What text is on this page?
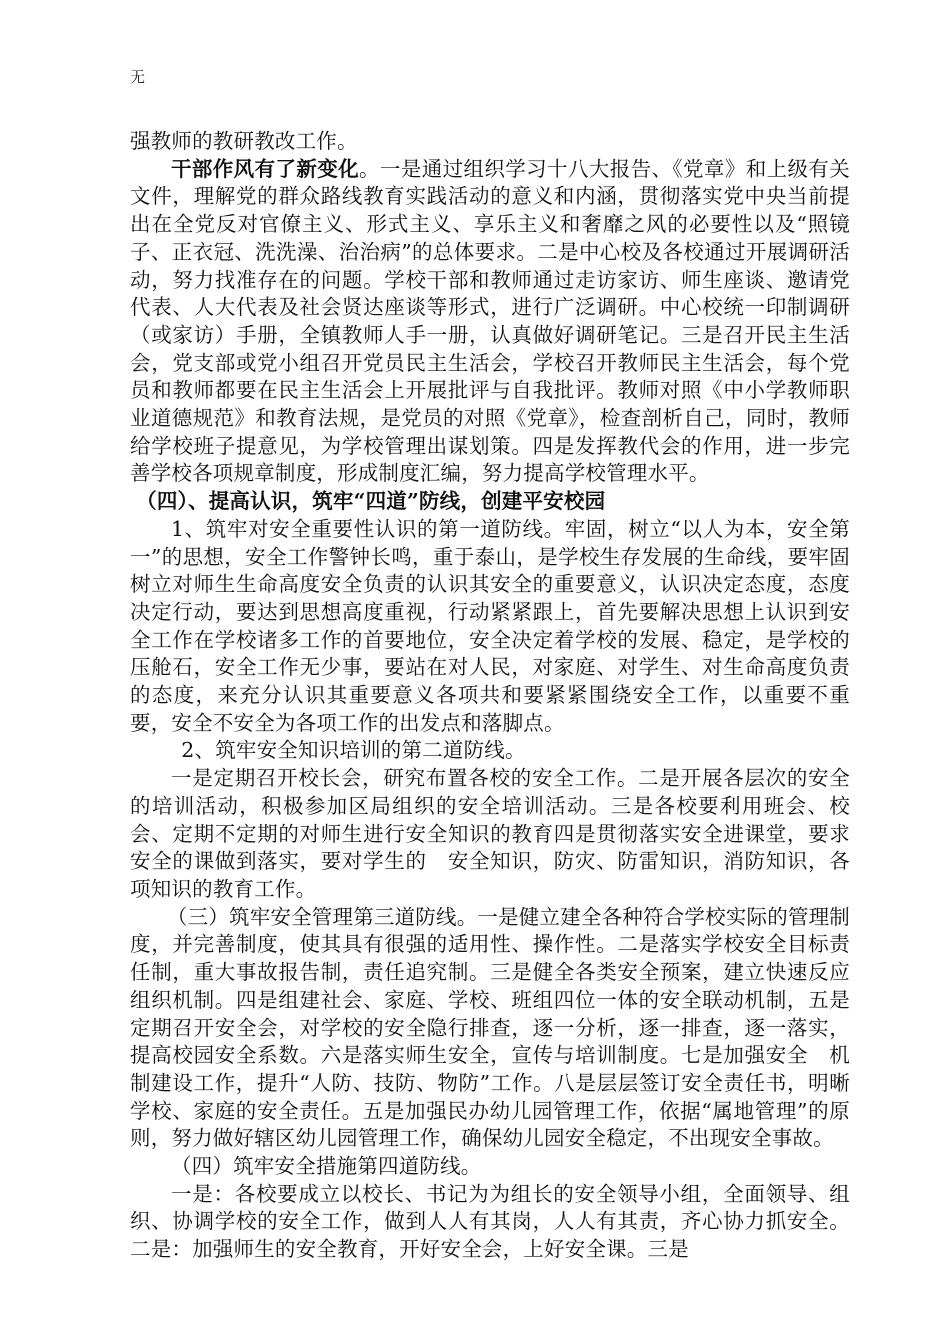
无

强教师的教研教改工作。

干部作风有了新变化。一是通过组织学习十八大报告、《党章》和上级有关文件，理解党的群众路线教育实践活动的意义和内涵，贯彻落实党中央当前提出在全党反对官僚主义、形式主义、享乐主义和奢靡之风的必要性以及“照镜子、正衣冠、洗洗澡、治治病”的总体要求。二是中心校及各校通过开展调研活动，努力找准存在的问题。学校干部和教师通过走访家访、师生座谈、邀请党代表、人大代表及社会贤达座谈等形式，进行广泛调研。中心校统一印制调研（或家访）手册，全镇教师人手一册，认真做好调研笔记。三是召开民主生活会，党支部或党小组召开党员民主生活会，学校召开教师民主生活会，每个党员和教师都要在民主生活会上开展批评与自我批评。教师对照《中小学教师职业道德规范》和教育法规，是党员的对照《党章》，检查剖析自己，同时，教师给学校班子提意见，为学校管理出谋划策。四是发挥教代会的作用，进一步完善学校各项规章制度，形成制度汇编，努力提高学校管理水平。

（四）、提高认识，筑牢“四道”防线，创建平安校园

1、筑牢对安全重要性认识的第一道防线。牢固，树立“以人为本，安全第一”的思想，安全工作警钟长鸣，重于泰山，是学校生存发展的生命线，要牢固树立对师生生命高度安全负责的认识其安全的重要意义，认识决定态度，态度决定行动，要达到思想高度重视，行动紧紧跟上，首先要解决思想上认识到安全工作在学校诸多工作的首要地位，安全决定着学校的发展、稳定，是学校的压舱石，安全工作无少事，要站在对人民，对家庭、对学生、对生命高度负责的态度，来充分认识其重要意义各项共和要紧紧围绕安全工作，以重要不重要，安全不安全为各项工作的出发点和落脚点。

2、筑牢安全知识培训的第二道防线。

一是定期召开校长会，研究布置各校的安全工作。二是开展各层次的安全的培训活动，积极参加区局组织的安全培训活动。三是各校要利用班会、校会、定期不定期的对师生进行安全知识的教育四是贯彻落实安全进课堂，要求安全的课做到落实，要对学生的　安全知识，防灾、防雷知识，消防知识，各项知识的教育工作。

（三）筑牢安全管理第三道防线。一是健立建全各种符合学校实际的管理制度，并完善制度，使其具有很强的适用性、操作性。二是落实学校安全目标责任制，重大事故报告制，责任追究制。三是健全各类安全预案，建立快速反应组织机制。四是组建社会、家庭、学校、班组四位一体的安全联动机制，五是定期召开安全会，对学校的安全隐行排查，逐一分析，逐一排查，逐一落实，提高校园安全系数。六是落实师生安全，宣传与培训制度。七是加强安全　机制建设工作，提升“人防、技防、物防”工作。八是层层签订安全责任书，明晰学校、家庭的安全责任。五是加强民办幼儿园管理工作，依据“属地管理”的原则，努力做好辖区幼儿园管理工作，确保幼儿园安全稳定，不出现安全事故。

（四）筑牢安全措施第四道防线。

一是：各校要成立以校长、书记为为组长的安全领导小组，全面领导、组织、协调学校的安全工作，做到人人有其岗，人人有其责，齐心协力抓安全。二是：加强师生的安全教育，开好安全会，上好安全课。三是
